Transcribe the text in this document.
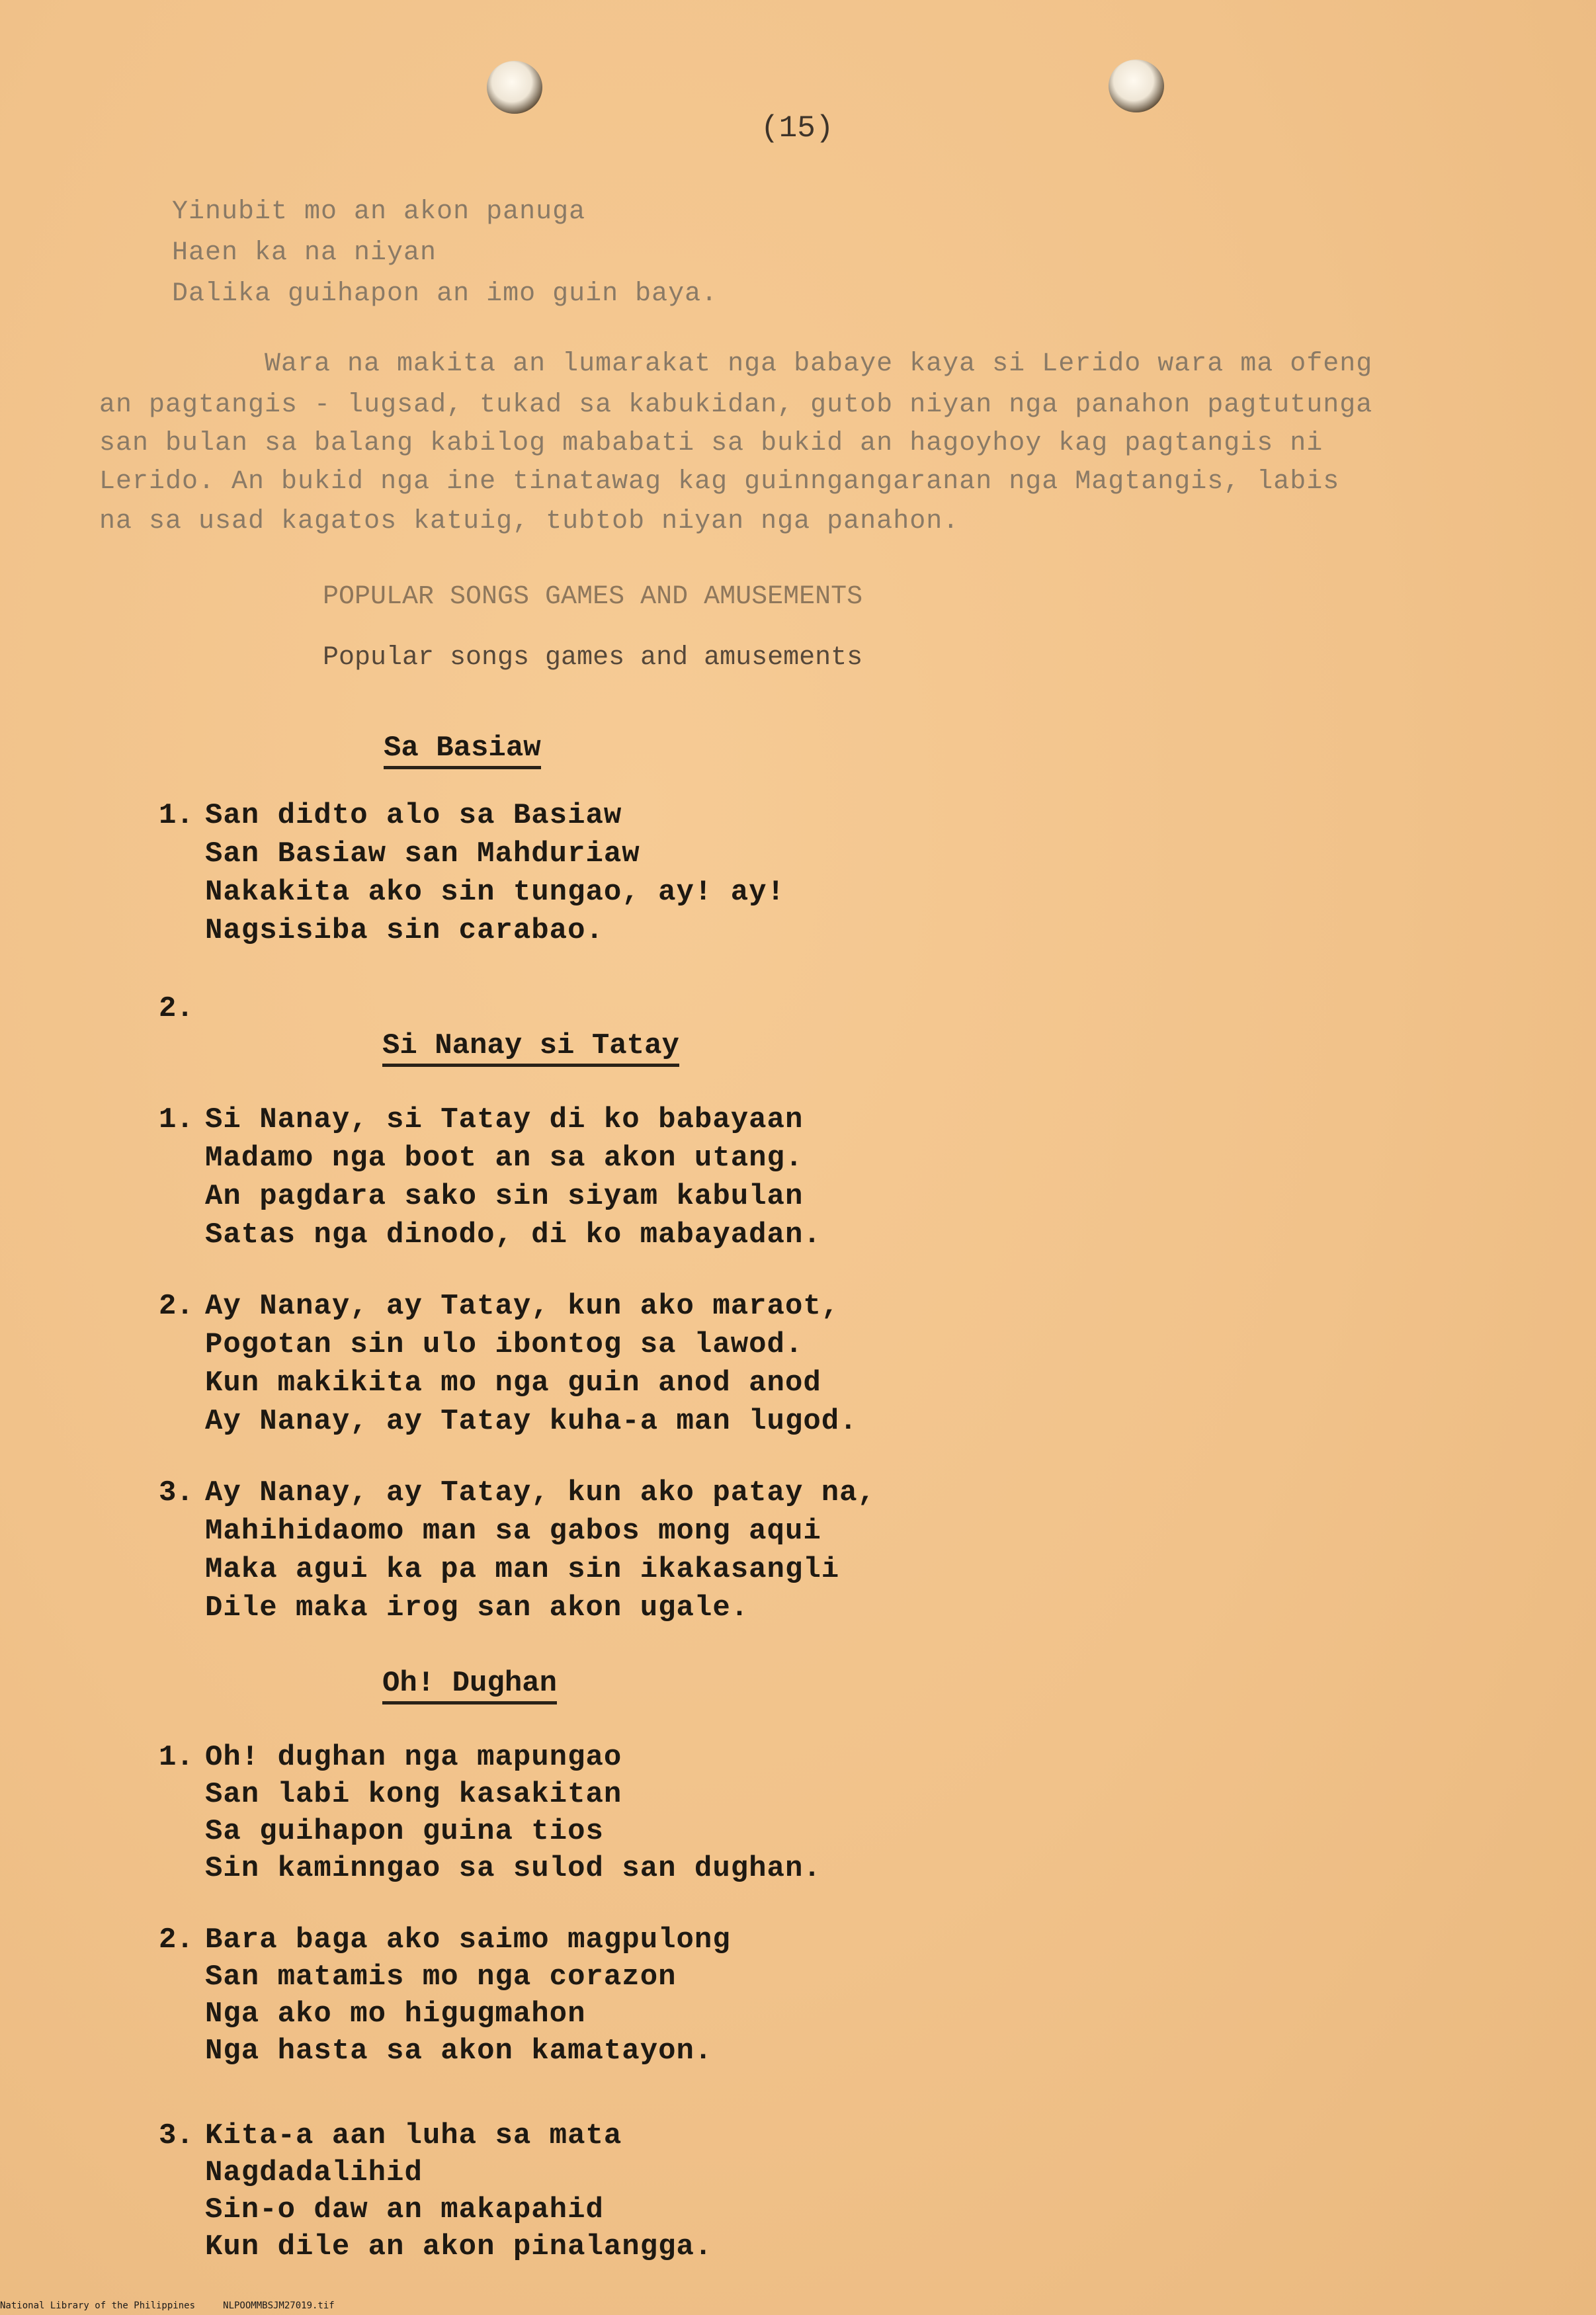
(15)
Yinubit mo an akon panuga
Haen ka na niyan
Dalika guihapon an imo guin baya.
Wara na makita an lumarakat nga babaye kaya si Lerido wara ma ofeng
an pagtangis - lugsad, tukad sa kabukidan, gutob niyan nga panahon pagtutunga
san bulan sa balang kabilog mababati sa bukid an hagoyhoy kag pagtangis ni
Lerido. An bukid nga ine tinatawag kag guinngangaranan nga Magtangis, labis
na sa usad kagatos katuig, tubtob niyan nga panahon.
POPULAR SONGS GAMES AND AMUSEMENTS
Popular songs games and amusements
Sa Basiaw
1. San didto alo sa Basiaw
San Basiaw san Mahduriaw
Nakakita ako sin tungao, ay! ay!
Nagsisiba sin carabao.
2.
Si Nanay si Tatay
1. Si Nanay, si Tatay di ko babayaan
Madamo nga boot an sa akon utang.
An pagdara sako sin siyam kabulan
Satas nga dinodo, di ko mabayadan.
2. Ay Nanay, ay Tatay, kun ako maraot,
Pogotan sin ulo ibontog sa lawod.
Kun makikita mo nga guin anod anod
Ay Nanay, ay Tatay kuha-a man lugod.
3. Ay Nanay, ay Tatay, kun ako patay na,
Mahihidaomo man sa gabos mong aqui
Maka agui ka pa man sin ikakasangli
Dile maka irog san akon ugale.
Oh! Dughan
1. Oh! dughan nga mapungao
San labi kong kasakitan
Sa guihapon guina tios
Sin kaminngao sa sulod san dughan.
2. Bara baga ako saimo magpulong
San matamis mo nga corazon
Nga ako mo higugmahon
Nga hasta sa akon kamatayon.
3. Kita-a aan luha sa mata
Nagdadalihid
Sin-o daw an makapahid
Kun dile an akon pinalangga.
National Library of the Philippines     NLPOOMMBSJM27019.tif
